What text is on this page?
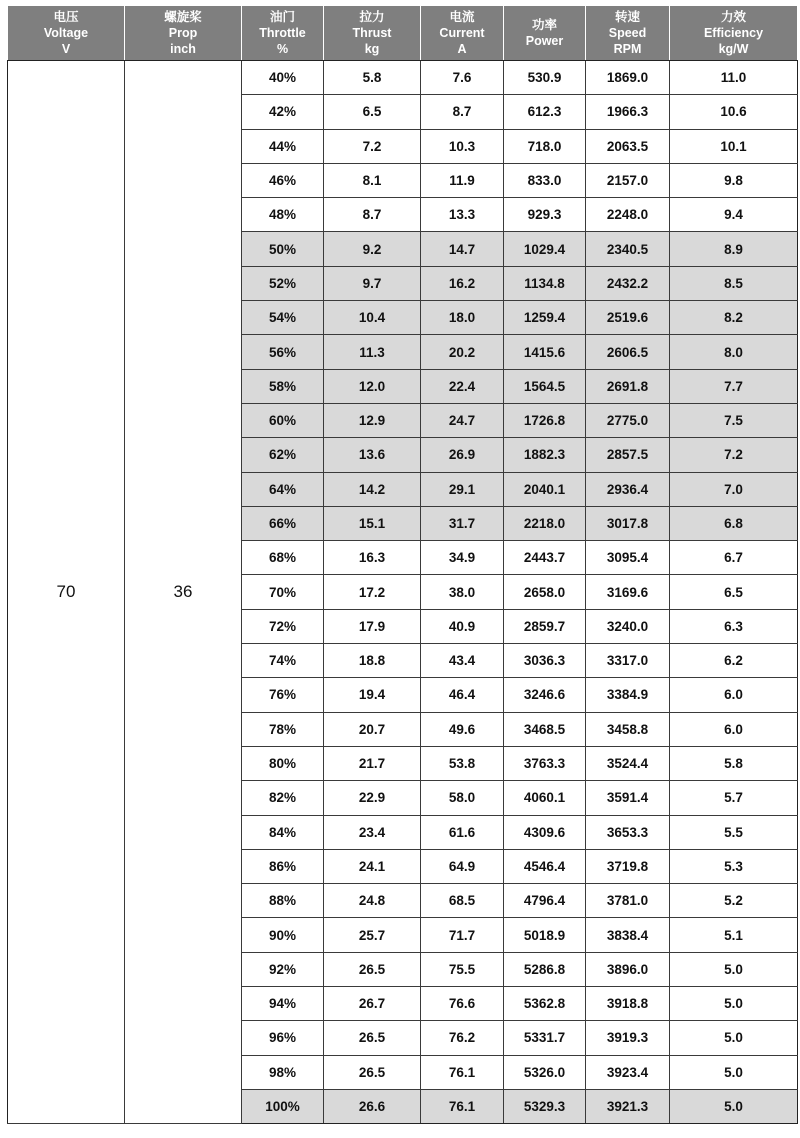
电压
Voltage
V	螺旋桨
Prop
inch	油门
Throttle
%	拉力
Thrust
kg	电流
Current
A	功率
Power	转速
Speed
RPM	力效
Efficiency
kg/W

70	36	40%	5.8	7.6	530.9	1869.0	11.0
		42%	6.5	8.7	612.3	1966.3	10.6
		44%	7.2	10.3	718.0	2063.5	10.1
		46%	8.1	11.9	833.0	2157.0	9.8
		48%	8.7	13.3	929.3	2248.0	9.4
		50%	9.2	14.7	1029.4	2340.5	8.9
		52%	9.7	16.2	1134.8	2432.2	8.5
		54%	10.4	18.0	1259.4	2519.6	8.2
		56%	11.3	20.2	1415.6	2606.5	8.0
		58%	12.0	22.4	1564.5	2691.8	7.7
		60%	12.9	24.7	1726.8	2775.0	7.5
		62%	13.6	26.9	1882.3	2857.5	7.2
		64%	14.2	29.1	2040.1	2936.4	7.0
		66%	15.1	31.7	2218.0	3017.8	6.8
		68%	16.3	34.9	2443.7	3095.4	6.7
		70%	17.2	38.0	2658.0	3169.6	6.5
		72%	17.9	40.9	2859.7	3240.0	6.3
		74%	18.8	43.4	3036.3	3317.0	6.2
		76%	19.4	46.4	3246.6	3384.9	6.0
		78%	20.7	49.6	3468.5	3458.8	6.0
		80%	21.7	53.8	3763.3	3524.4	5.8
		82%	22.9	58.0	4060.1	3591.4	5.7
		84%	23.4	61.6	4309.6	3653.3	5.5
		86%	24.1	64.9	4546.4	3719.8	5.3
		88%	24.8	68.5	4796.4	3781.0	5.2
		90%	25.7	71.7	5018.9	3838.4	5.1
		92%	26.5	75.5	5286.8	3896.0	5.0
		94%	26.7	76.6	5362.8	3918.8	5.0
		96%	26.5	76.2	5331.7	3919.3	5.0
		98%	26.5	76.1	5326.0	3923.4	5.0
		100%	26.6	76.1	5329.3	3921.3	5.0
